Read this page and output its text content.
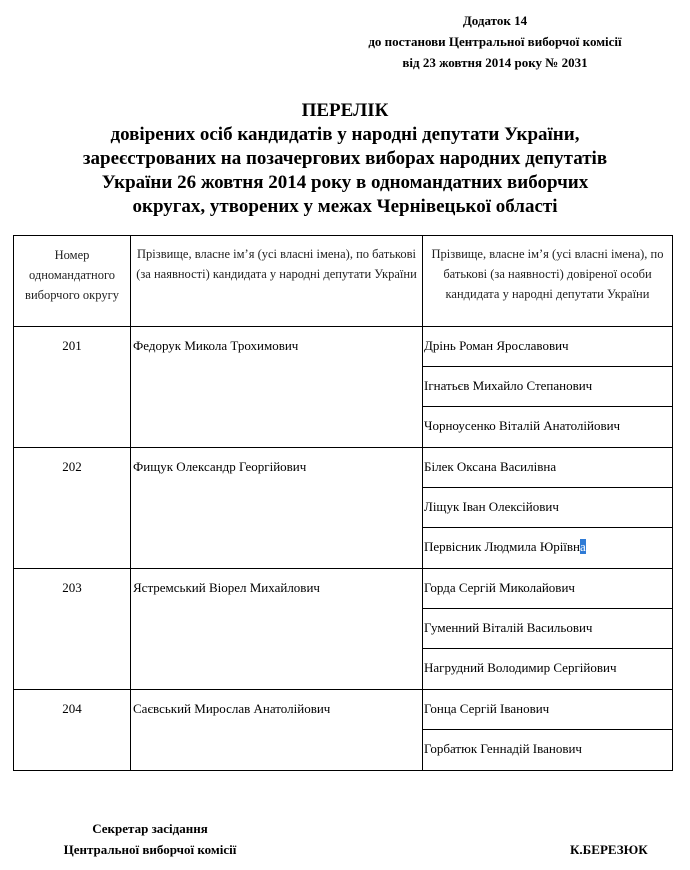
Додаток 14
до постанови Центральної виборчої комісії
від 23 жовтня 2014 року № 2031
ПЕРЕЛІК
довірених осіб кандидатів у народні депутати України,
зареєстрованих на позачергових виборах народних депутатів
України 26 жовтня 2014 року в одномандатних виборчих
округах, утворених у межах Чернівецької області
Номер одномандатного виборчого округу	Прізвище, власне ім’я (усі власні імена), по батькові (за наявності) кандидата у народні депутати України	Прізвище, власне ім’я (усі власні імена), по батькові (за наявності) довіреної особи кандидата у народні депутати України

201	Федорук Микола Трохимович	Дрінь Роман Ярославович
Ігнатьєв Михайло Степанович
Чорноусенко Віталій Анатолійович

202	Фищук Олександр Георгійович	Білек Оксана Василівна
Ліщук Іван Олексійович
Первісник Людмила Юріївна

203	Ястремський Віорел Михайлович	Горда Сергій Миколайович
Гуменний Віталій Васильович
Нагрудний Володимир Сергійович

204	Саєвський Мирослав Анатолійович	Гонца Сергій Іванович
Горбатюк Геннадій Іванович
Секретар засідання
Центральної виборчої комісії	К.БЕРЕЗЮК
